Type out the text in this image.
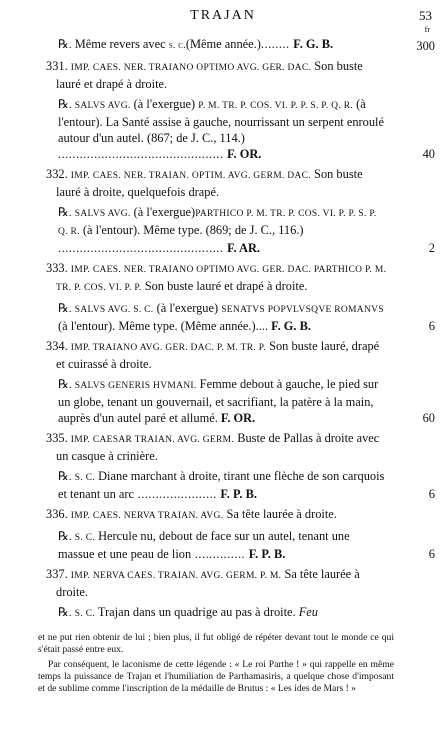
TRAJAN	53
fr
℞. Même revers avec s. c.(Même année.)........ F. G. B.
331. IMP. CAES. NER. TRAIANO OPTIMO AVG. GER. DAC. Son buste lauré et drapé à droite.
℞. SALVS AVG. (à l'exergue) P. M. TR. P. COS. VI. P. P. S. P. Q. R. (à l'entour). La Santé assise à gauche, nourrissant un serpent enroulé autour d'un autel. (867; de J. C., 114.) .............................................. F. OR.
332. IMP. CAES. NER. TRAIAN. OPTIM. AVG. GERM. DAC. Son buste lauré à droite, quelquefois drapé.
℞. SALVS AVG. (à l'exergue)PARTHICO P. M. TR. P. COS. VI. P. P. S. P. Q. R. (à l'entour). Même type. (869; de J. C., 116.) .............................................. F. AR.
333. IMP. CAES. NER. TRAIANO OPTIMO AVG. GER. DAC. PARTHICO P. M. TR. P. COS. VI. P. P. Son buste lauré et drapé à droite.
℞. SALVS AVG. S. C. (à l'exergue) SENATVS POPVLVSQVE ROMANVS (à l'entour). Même type. (Même année.).... F. G. B.
334. IMP. TRAIANO AVG. GER. DAC. P. M. TR. P. Son buste lauré, drapé et cuirassé à droite.
℞. SALVS GENERIS HVMANI. Femme debout à gauche, le pied sur un globe, tenant un gouvernail, et sacrifiant, la patère à la main, auprès d'un autel paré et allumé. F. OR.
335. IMP. CAESAR TRAIAN. AVG. GERM. Buste de Pallas à droite avec un casque à crinière.
℞. S. C. Diane marchant à droite, tirant une flèche de son carquois et tenant un arc ...................... F. P. B.
336. IMP. CAES. NERVA TRAIAN. AVG. Sa tête laurée à droite.
℞. S. C. Hercule nu, debout de face sur un autel, tenant une massue et une peau de lion .............. F. P. B.
337. IMP. NERVA CAES. TRAIAN. AVG. GERM. P. M. Sa tête laurée à droite.
℞. S. C. Trajan dans un quadrige au pas à droite. Feu
300
40
2
6
60
6
6

et ne put rien obtenir de lui ; bien plus, il fut obligé de répéter devant tout le monde ce qui s'était passé entre eux.

Par conséquent, le laconisme de cette légende : « Le roi Parthe ! » qui rappelle en même temps la puissance de Trajan et l'humiliation de Parthamasiris, a quelque chose d'imposant et de sublime comme l'inscription de la médaille de Brutus : « Les ides de Mars ! »
